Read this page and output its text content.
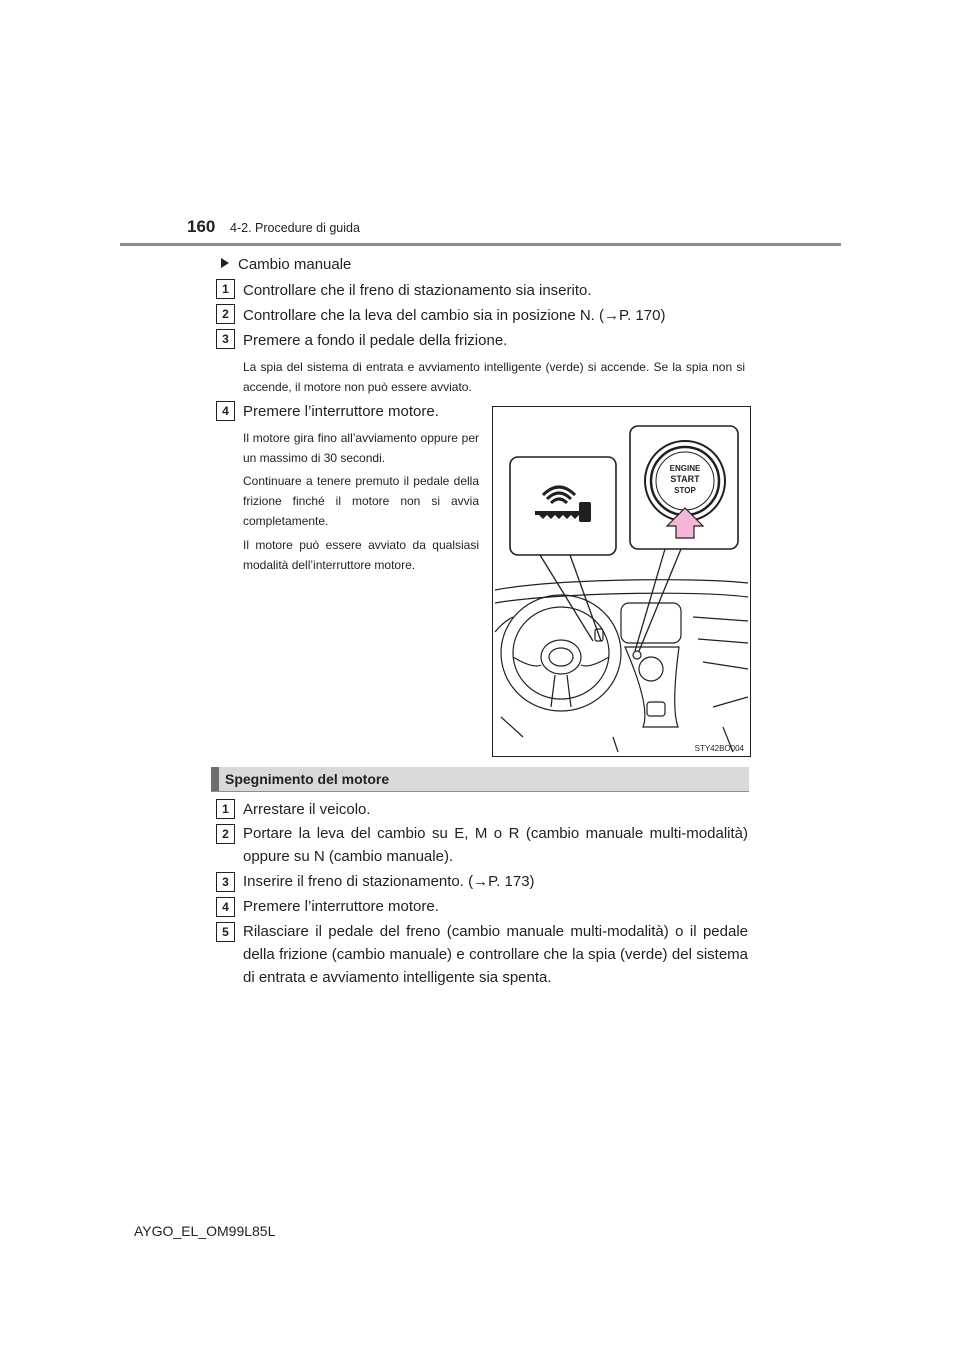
160 4-2. Procedure di guida
Cambio manuale
1 Controllare che il freno di stazionamento sia inserito.
2 Controllare che la leva del cambio sia in posizione N. (→P. 170)
3 Premere a fondo il pedale della frizione.
La spia del sistema di entrata e avviamento intelligente (verde) si accende. Se la spia non si accende, il motore non può essere avviato.
4 Premere l’interruttore motore.
Il motore gira fino all’avviamento oppure per un massimo di 30 secondi.
Continuare a tenere premuto il pedale della frizione finché il motore non si avvia completamente.
Il motore può essere avviato da qualsiasi modalità dell’interruttore motore.
ENGINE
START
STOP
STY42BO004
Spegnimento del motore
1 Arrestare il veicolo.
2 Portare la leva del cambio su E, M o R (cambio manuale multi-modalità) oppure su N (cambio manuale).
3 Inserire il freno di stazionamento. (→P. 173)
4 Premere l’interruttore motore.
5 Rilasciare il pedale del freno (cambio manuale multi-modalità) o il pedale della frizione (cambio manuale) e controllare che la spia (verde) del sistema di entrata e avviamento intelligente sia spenta.
AYGO_EL_OM99L85L
